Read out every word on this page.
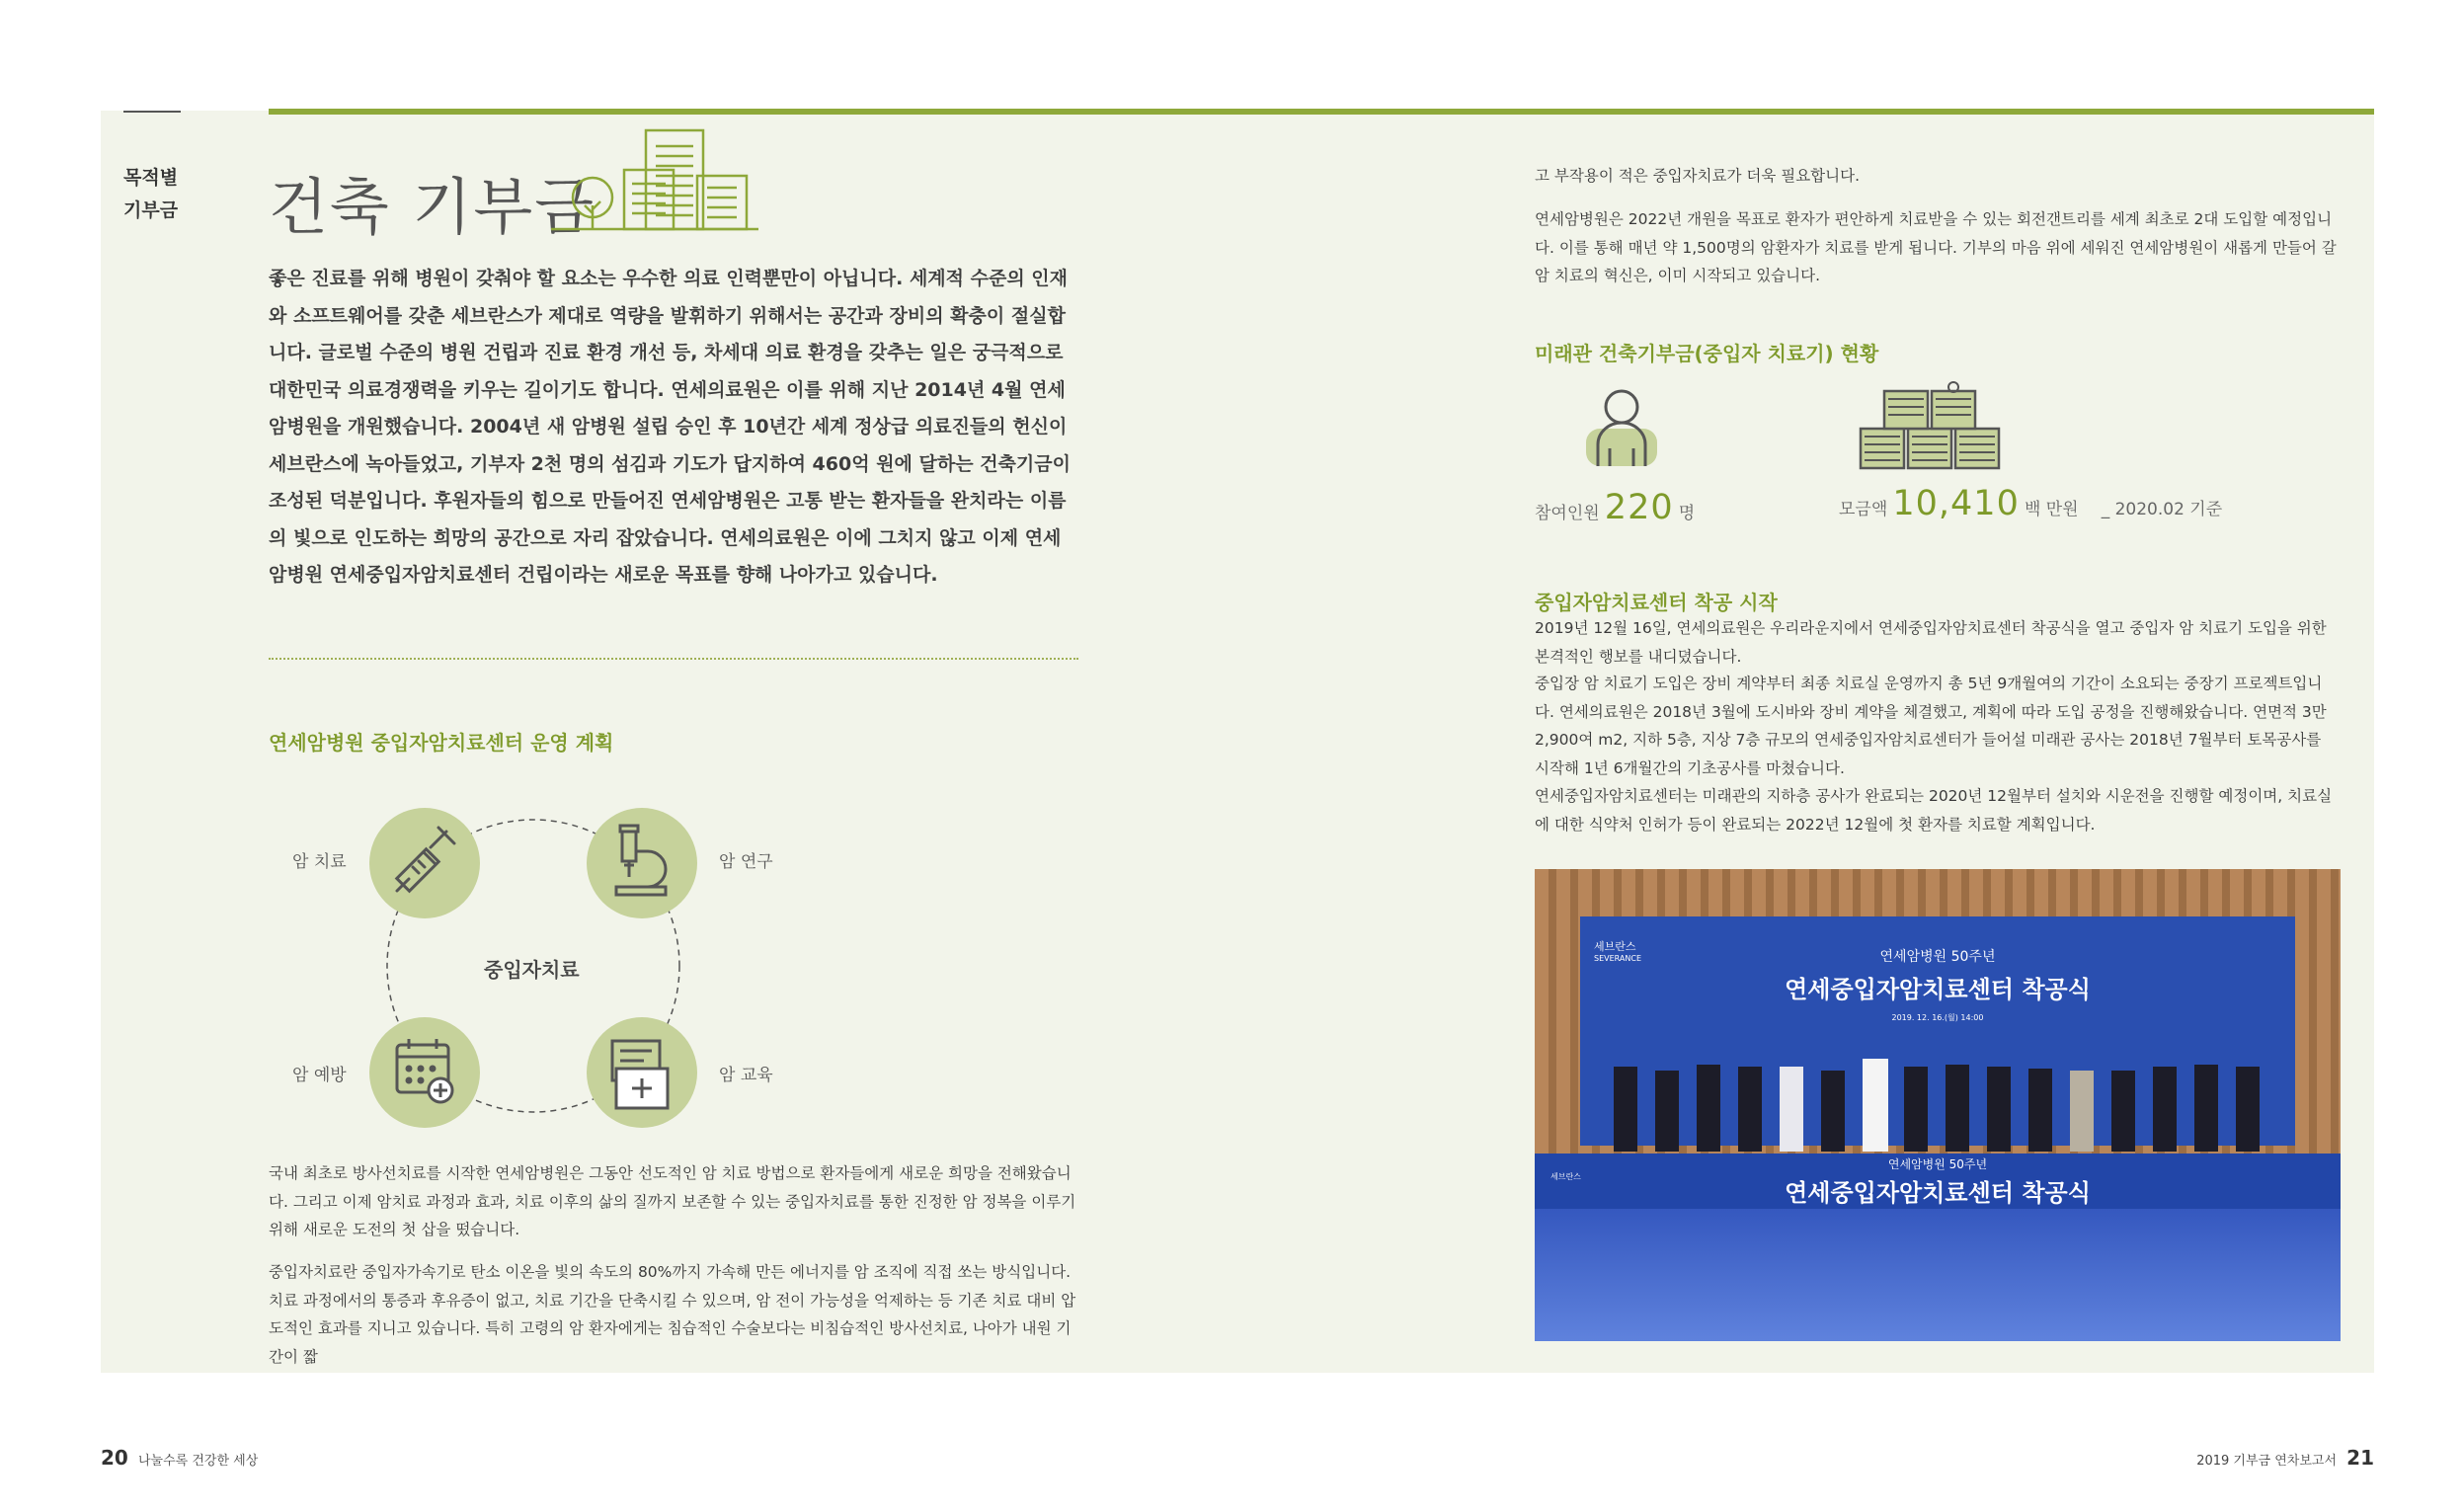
목적별
기부금 건축 기부금

좋은 진료를 위해 병원이 갖춰야 할 요소는 우수한 의료 인력뿐만이 아닙니다. 세계적 수준의 인재와 소프트웨어를 갖춘 세브란스가 제대로 역량을 발휘하기 위해서는 공간과 장비의 확충이 절실합니다. 글로벌 수준의 병원 건립과 진료 환경 개선 등, 차세대 의료 환경을 갖추는 일은 궁극적으로 대한민국 의료경쟁력을 키우는 길이기도 합니다. 연세의료원은 이를 위해 지난 2014년 4월 연세암병원을 개원했습니다. 2004년 새 암병원 설립 승인 후 10년간 세계 정상급 의료진들의 헌신이 세브란스에 녹아들었고, 기부자 2천 명의 섬김과 기도가 답지하여 460억 원에 달하는 건축기금이 조성된 덕분입니다. 후원자들의 힘으로 만들어진 연세암병원은 고통 받는 환자들을 완치라는 이름의 빛으로 인도하는 희망의 공간으로 자리 잡았습니다. 연세의료원은 이에 그치지 않고 이제 연세암병원 연세중입자암치료센터 건립이라는 새로운 목표를 향해 나아가고 있습니다.

연세암병원 중입자암치료센터 운영 계획
중입자치료
암 치료	암 연구
암 예방	암 교육

국내 최초로 방사선치료를 시작한 연세암병원은 그동안 선도적인 암 치료 방법으로 환자들에게 새로운 희망을 전해왔습니다. 그리고 이제 암치료 과정과 효과, 치료 이후의 삶의 질까지 보존할 수 있는 중입자치료를 통한 진정한 암 정복을 이루기 위해 새로운 도전의 첫 삽을 떴습니다.

중입자치료란 중입자가속기로 탄소 이온을 빛의 속도의 80%까지 가속해 만든 에너지를 암 조직에 직접 쏘는 방식입니다. 치료 과정에서의 통증과 후유증이 없고, 치료 기간을 단축시킬 수 있으며, 암 전이 가능성을 억제하는 등 기존 치료 대비 압도적인 효과를 지니고 있습니다. 특히 고령의 암 환자에게는 침습적인 수술보다는 비침습적인 방사선치료, 나아가 내원 기간이 짧

고 부작용이 적은 중입자치료가 더욱 필요합니다.

연세암병원은 2022년 개원을 목표로 환자가 편안하게 치료받을 수 있는 회전갠트리를 세계 최초로 2대 도입할 예정입니다. 이를 통해 매년 약 1,500명의 암환자가 치료를 받게 됩니다. 기부의 마음 위에 세워진 연세암병원이 새롭게 만들어 갈 암 치료의 혁신은, 이미 시작되고 있습니다.

미래관 건축기부금(중입자 치료기) 현황
참여인원 220 명	모금액 10,410 백 만원 _ 2020.02 기준
중입자암치료센터 착공 시작

2019년 12월 16일, 연세의료원은 우리라운지에서 연세중입자암치료센터 착공식을 열고 중입자 암 치료기 도입을 위한 본격적인 행보를 내디뎠습니다.

중입장 암 치료기 도입은 장비 계약부터 최종 치료실 운영까지 총 5년 9개월여의 기간이 소요되는 중장기 프로젝트입니다. 연세의료원은 2018년 3월에 도시바와 장비 계약을 체결했고, 계획에 따라 도입 공정을 진행해왔습니다. 연면적 3만 2,900여 m2, 지하 5층, 지상 7층 규모의 연세중입자암치료센터가 들어설 미래관 공사는 2018년 7월부터 토목공사를 시작해 1년 6개월간의 기초공사를 마쳤습니다.

연세중입자암치료센터는 미래관의 지하층 공사가 완료되는 2020년 12월부터 설치와 시운전을 진행할 예정이며, 치료실에 대한 식약처 인허가 등이 완료되는 2022년 12월에 첫 환자를 치료할 계획입니다.

세브란스
SEVERANCE	연세암병원 50주년
연세중입자암치료센터 착공식
2019. 12. 16.(월) 14:00
세브란스
연세암병원 50주년
연세중입자암치료센터 착공식
20 나눌수록 건강한 세상	2019 기부금 연차보고서 21
